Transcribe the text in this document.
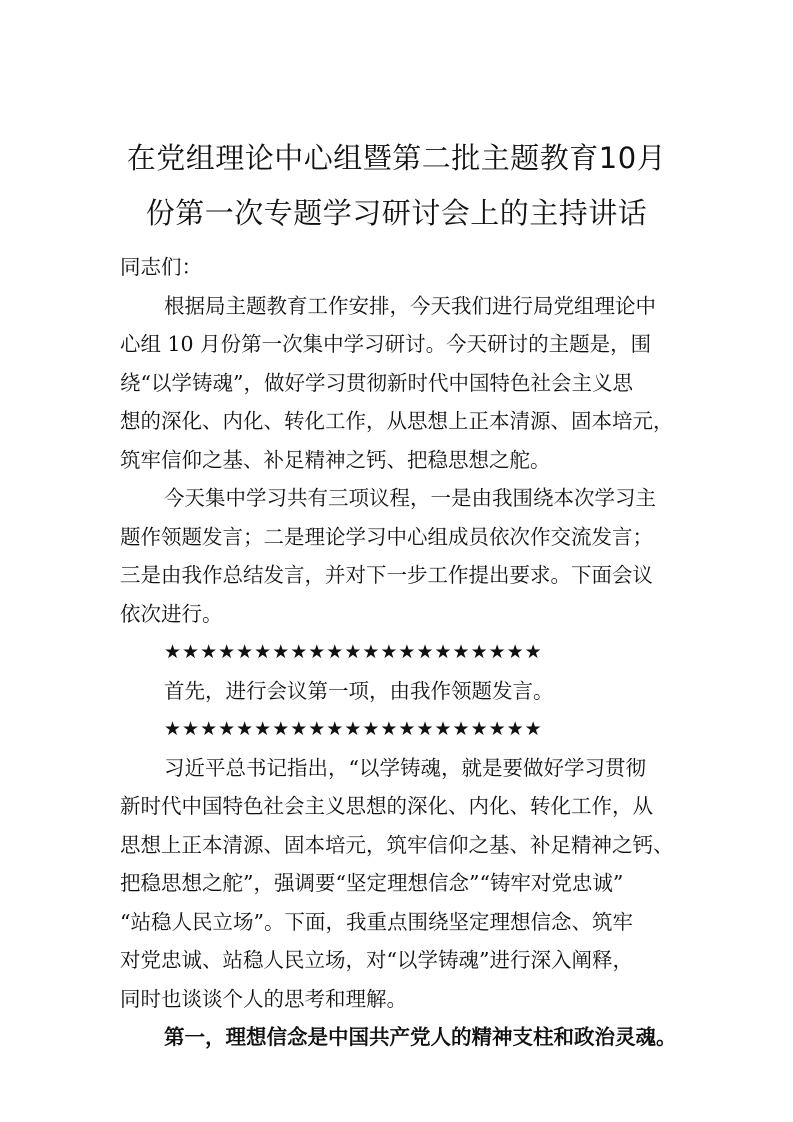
在党组理论中心组暨第二批主题教育10月
份第一次专题学习研讨会上的主持讲话
同志们：
根据局主题教育工作安排，今天我们进行局党组理论中
心组 10 月份第一次集中学习研讨。今天研讨的主题是，围
绕“以学铸魂”，做好学习贯彻新时代中国特色社会主义思
想的深化、内化、转化工作，从思想上正本清源、固本培元，
筑牢信仰之基、补足精神之钙、把稳思想之舵。
今天集中学习共有三项议程，一是由我围绕本次学习主
题作领题发言；二是理论学习中心组成员依次作交流发言；
三是由我作总结发言，并对下一步工作提出要求。下面会议
依次进行。
★★★★★★★★★★★★★★★★★★★★★
首先，进行会议第一项，由我作领题发言。
★★★★★★★★★★★★★★★★★★★★★
习近平总书记指出，“以学铸魂，就是要做好学习贯彻
新时代中国特色社会主义思想的深化、内化、转化工作，从
思想上正本清源、固本培元，筑牢信仰之基、补足精神之钙、
把稳思想之舵”，强调要“坚定理想信念”“铸牢对党忠诚”
“站稳人民立场”。下面，我重点围绕坚定理想信念、筑牢
对党忠诚、站稳人民立场，对“以学铸魂”进行深入阐释，
同时也谈谈个人的思考和理解。
第一，理想信念是中国共产党人的精神支柱和政治灵魂。
